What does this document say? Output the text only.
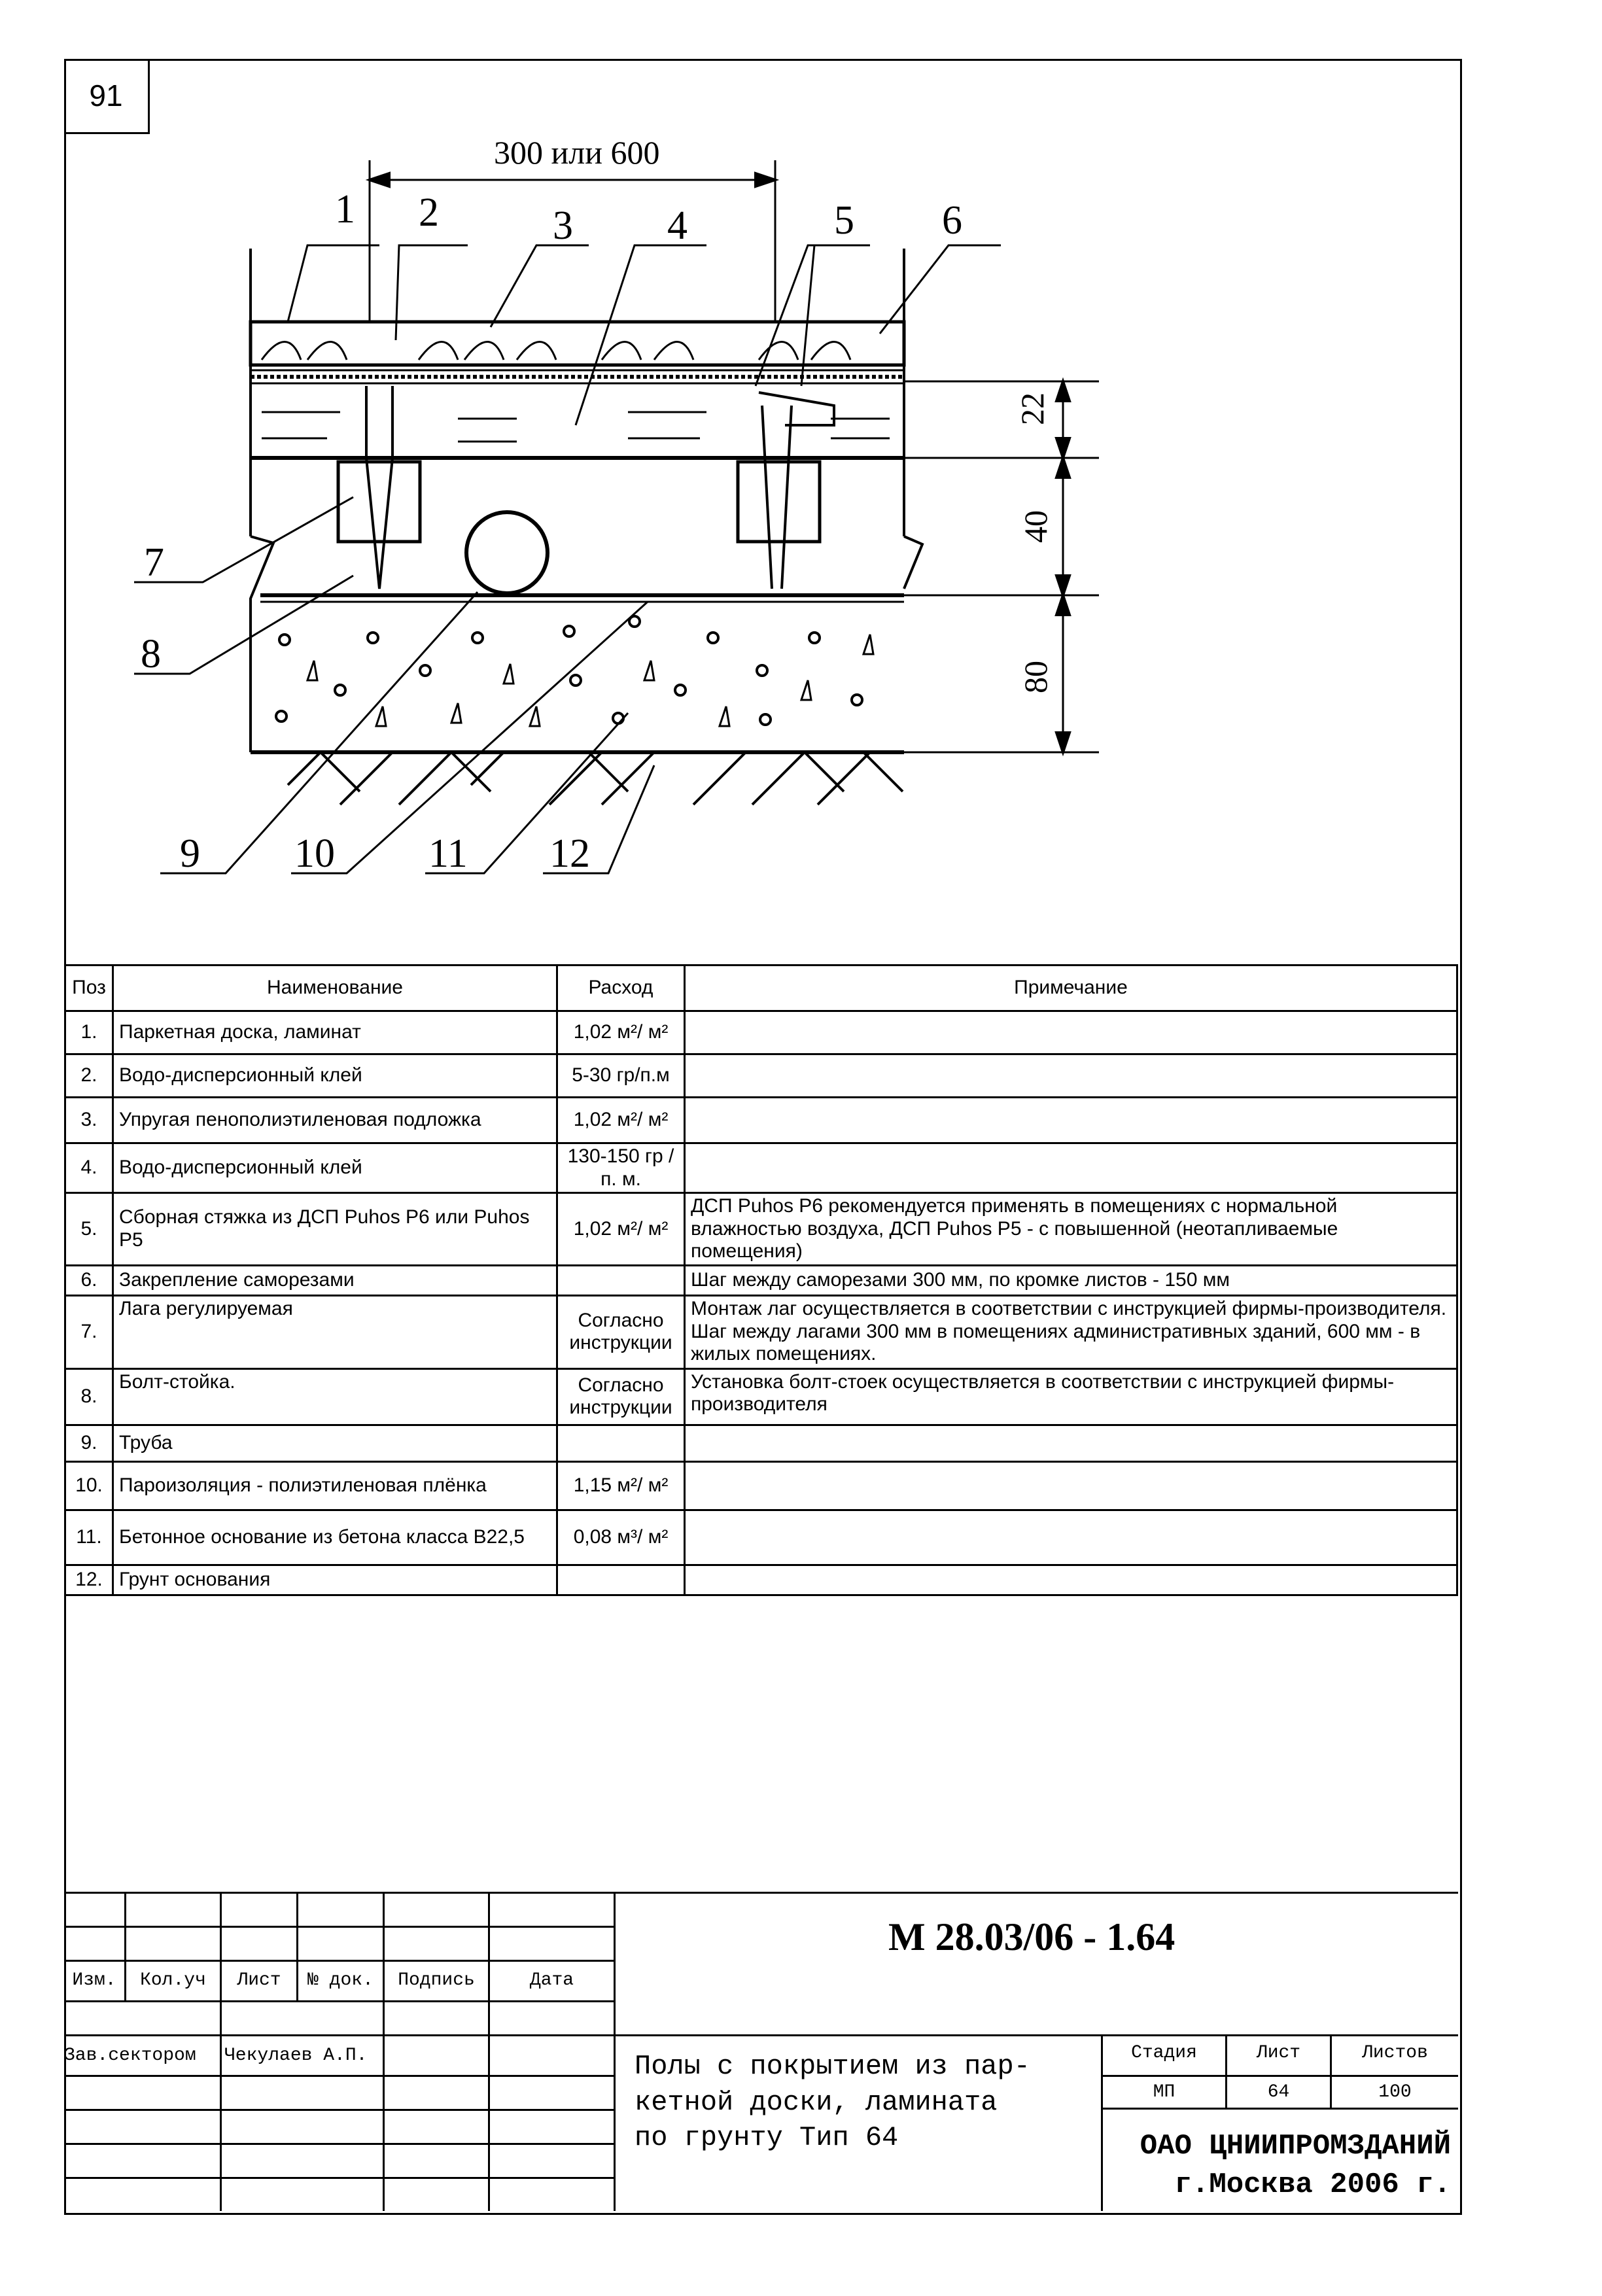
91
300 или 600
22
40
80
1 2	3 4	5 6
7
8
9 10 11 12
Поз	Наименование	Расход	Примечание
1.	Паркетная доска, ламинат	1,02 м²/ м²	
2.	Водо-дисперсионный клей	5-30 гр/п.м	
3.	Упругая пенополиэтиленовая подложка	1,02 м²/ м²	
4.	Водо-дисперсионный клей	130-150 гр /п. м.	
5.	Сборная стяжка из ДСП Puhos P6 или Puhos P5	1,02 м²/ м²	ДСП Puhos P6 рекомендуется применять в помещениях с нормальной влажностью воздуха, ДСП Puhos P5 - с повышенной (неотапливаемые помещения)
6.	Закрепление саморезами		Шаг между саморезами 300 мм, по кромке листов - 150 мм
7.	Лага регулируемая	Согласно инструкции	Монтаж лаг осуществляется в соответствии с инструкцией фирмы-производителя. Шаг между лагами 300 мм в помещениях административных зданий, 600 мм - в жилых помещениях.
8.	Болт-стойка.	Согласно инструкции	Установка болт-стоек осуществляется в соответствии с инструкцией фирмы-производителя
9.	Труба		
10.	Пароизоляция - полиэтиленовая плёнка	1,15 м²/ м²	
11.	Бетонное основание из бетона класса В22,5	0,08 м³/ м²	
12.	Грунт основания		
Изм.	Кол.уч	Лист	№ док.	Подпись	Дата
Зав.сектором	Чекулаев А.П.
М 28.03/06 - 1.64
Полы с покрытием из пар-
кетной доски, ламината
по грунту Тип 64
Стадия	Лист	Листов
МП	64	100
ОАО ЦНИИПРОМЗДАНИЙ
г.Москва 2006 г.
